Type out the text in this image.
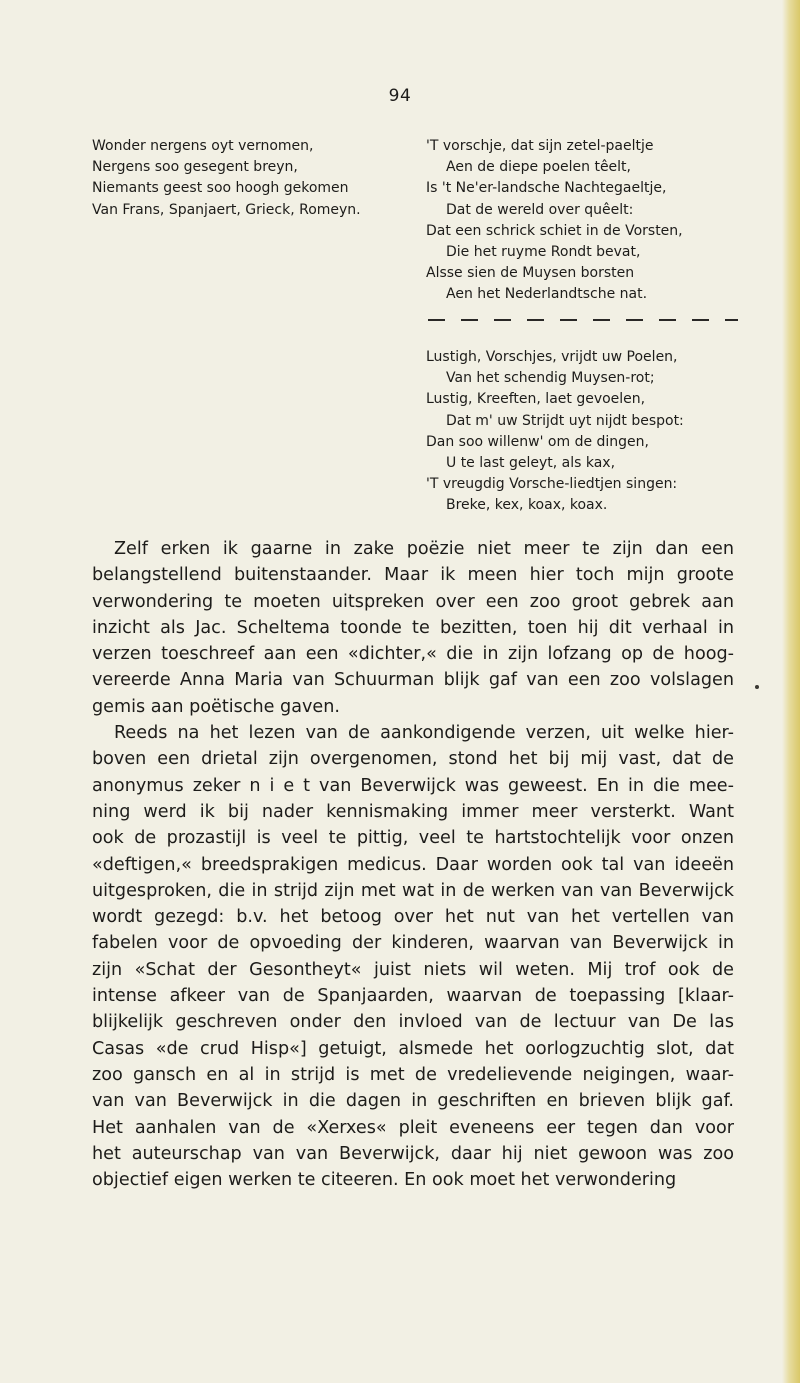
94
Wonder nergens oyt vernomen,
Nergens soo gesegent breyn,
Niemants geest soo hoogh gekomen
Van Frans, Spanjaert, Grieck, Romeyn.
'T vorschje, dat sijn zetel-paeltje
Aen de diepe poelen têelt,
Is 't Ne'er-landsche Nachtegaeltje,
Dat de wereld over quêelt:
Dat een schrick schiet in de Vorsten,
Die het ruyme Rondt bevat,
Alsse sien de Muysen borsten
Aen het Nederlandtsche nat.
Lustigh, Vorschjes, vrijdt uw Poelen,
Van het schendig Muysen-rot;
Lustig, Kreeften, laet gevoelen,
Dat m' uw Strijdt uyt nijdt bespot:
Dan soo willenw' om de dingen,
U te last geleyt, als kax,
'T vreugdig Vorsche-liedtjen singen:
Breke, kex, koax, koax.
Zelf erken ik gaarne in zake poëzie niet meer te zijn dan een
belangstellend buitenstaander. Maar ik meen hier toch mijn groote
verwondering te moeten uitspreken over een zoo groot gebrek aan
inzicht als Jac. Scheltema toonde te bezitten, toen hij dit verhaal in
verzen toeschreef aan een «dichter,« die in zijn lofzang op de hoog-
vereerde Anna Maria van Schuurman blijk gaf van een zoo volslagen
gemis aan poëtische gaven.
Reeds na het lezen van de aankondigende verzen, uit welke hier-
boven een drietal zijn overgenomen, stond het bij mij vast, dat de
anonymus zeker n i e t van Beverwijck was geweest. En in die mee-
ning werd ik bij nader kennismaking immer meer versterkt. Want
ook de prozastijl is veel te pittig, veel te hartstochtelijk voor onzen
«deftigen,« breedsprakigen medicus. Daar worden ook tal van ideeën
uitgesproken, die in strijd zijn met wat in de werken van van Beverwijck
wordt gezegd: b.v. het betoog over het nut van het vertellen van
fabelen voor de opvoeding der kinderen, waarvan van Beverwijck in
zijn «Schat der Gesontheyt« juist niets wil weten. Mij trof ook de
intense afkeer van de Spanjaarden, waarvan de toepassing [klaar-
blijkelijk geschreven onder den invloed van de lectuur van De las
Casas «de crud Hisp«] getuigt, alsmede het oorlogzuchtig slot, dat
zoo gansch en al in strijd is met de vredelievende neigingen, waar-
van van Beverwijck in die dagen in geschriften en brieven blijk gaf.
Het aanhalen van de «Xerxes« pleit eveneens eer tegen dan voor
het auteurschap van van Beverwijck, daar hij niet gewoon was zoo
objectief eigen werken te citeeren. En ook moet het verwondering
